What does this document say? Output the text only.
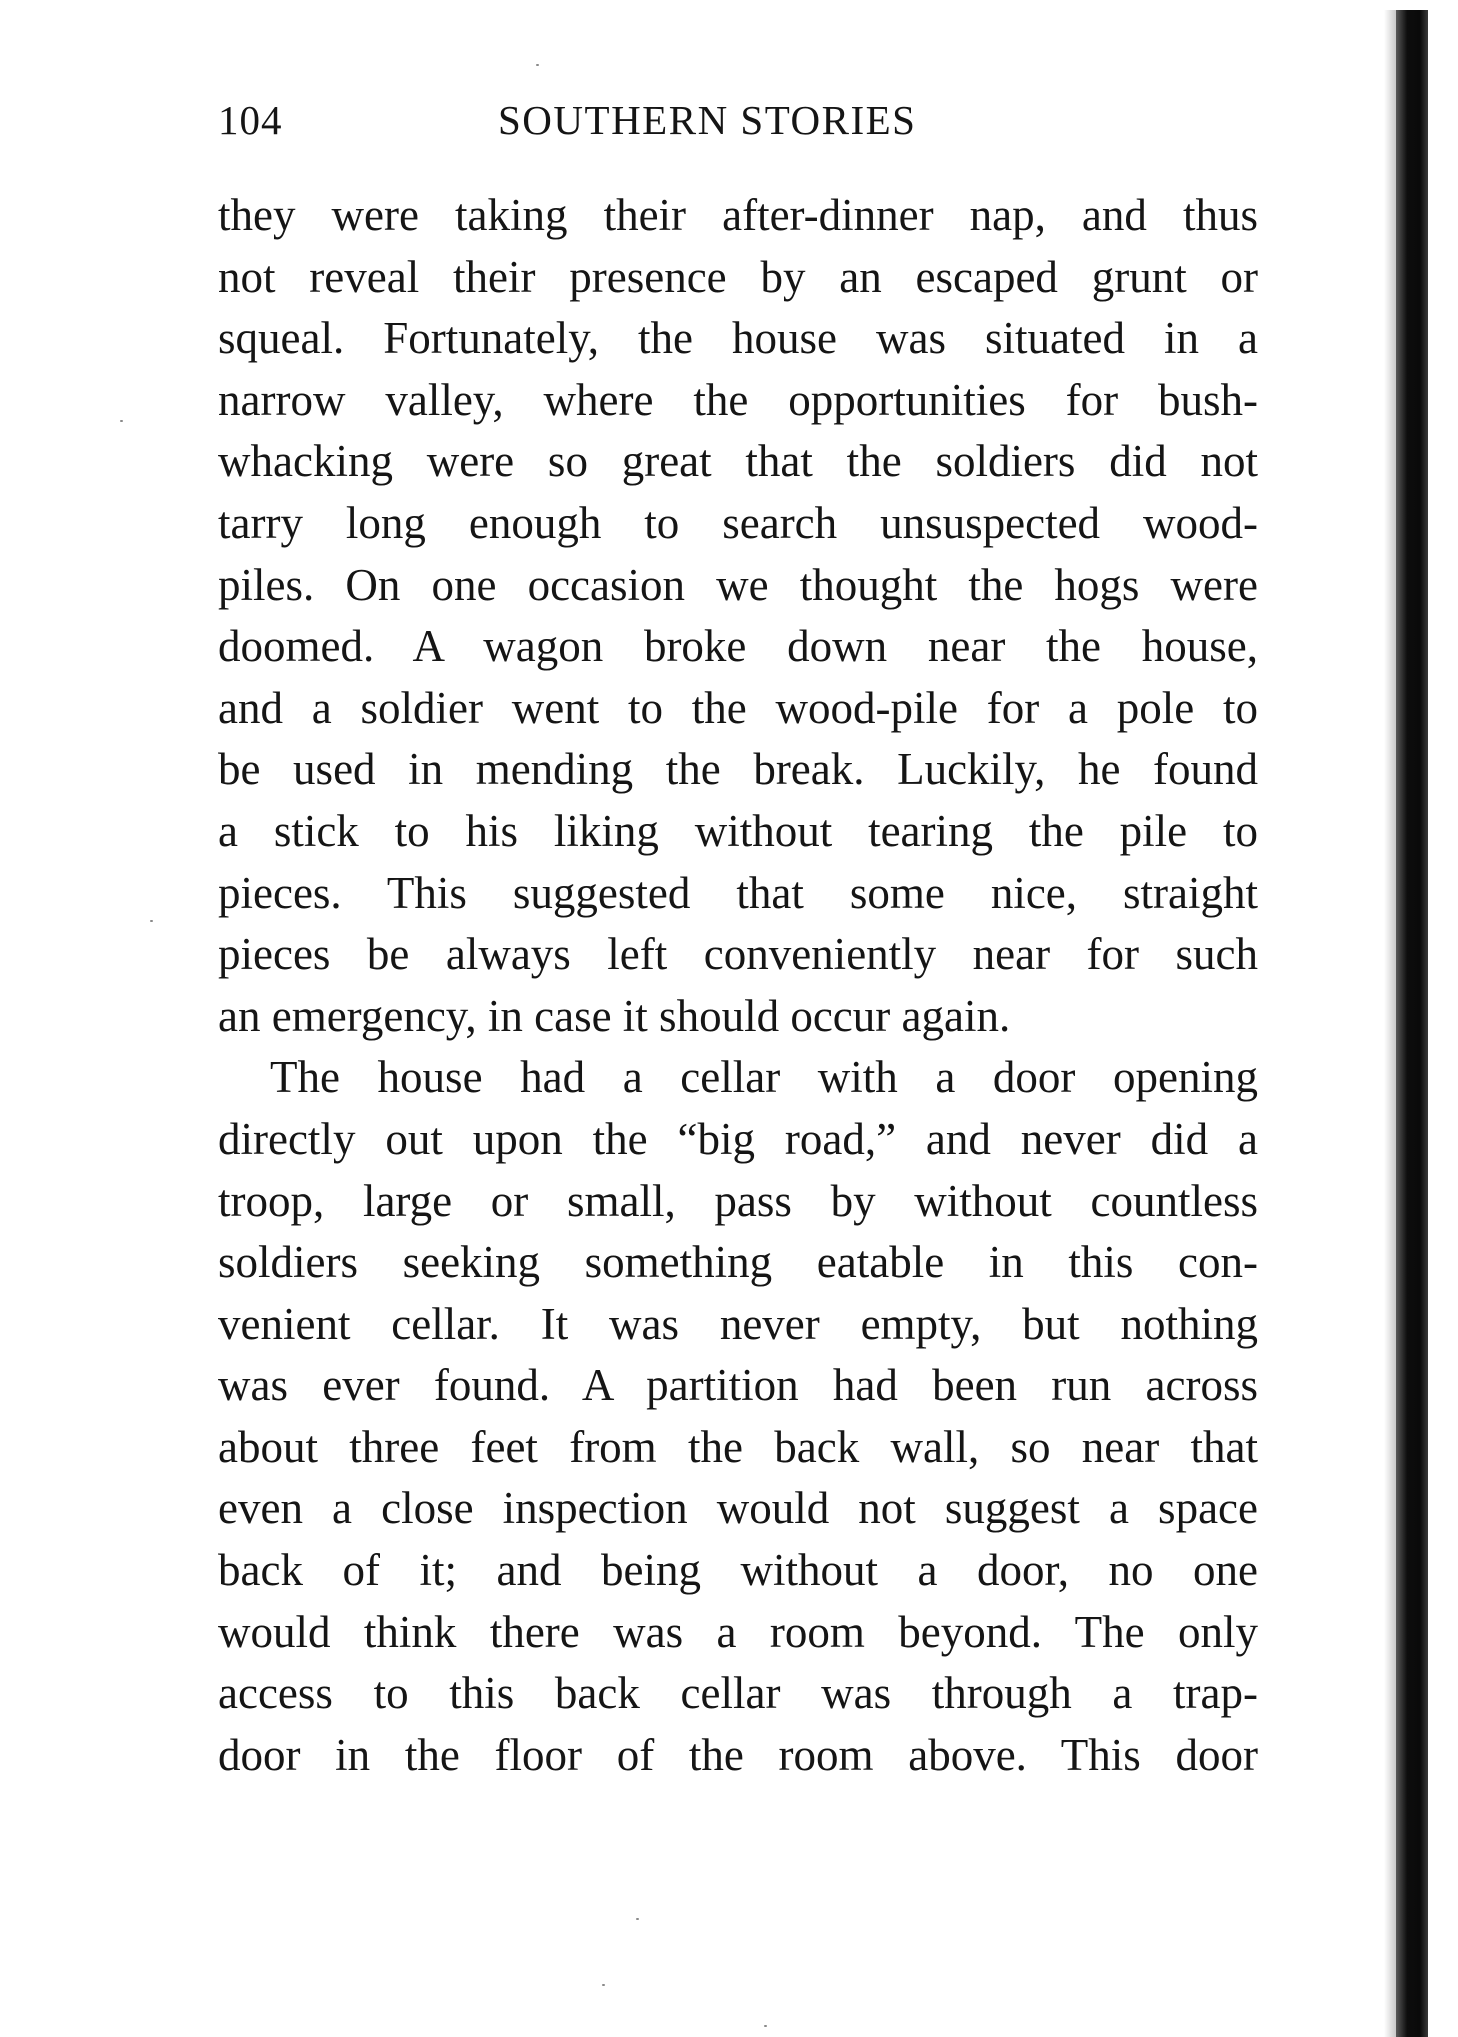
104	SOUTHERN STORIES
they were taking their after-dinner nap, and thus
not reveal their presence by an escaped grunt or
squeal. Fortunately, the house was situated in a
narrow valley, where the opportunities for bush-
whacking were so great that the soldiers did not
tarry long enough to search unsuspected wood-
piles. On one occasion we thought the hogs were
doomed. A wagon broke down near the house,
and a soldier went to the wood-pile for a pole to
be used in mending the break. Luckily, he found
a stick to his liking without tearing the pile to
pieces. This suggested that some nice, straight
pieces be always left conveniently near for such
an emergency, in case it should occur again.
The house had a cellar with a door opening
directly out upon the “big road,” and never did a
troop, large or small, pass by without countless
soldiers seeking something eatable in this con-
venient cellar. It was never empty, but nothing
was ever found. A partition had been run across
about three feet from the back wall, so near that
even a close inspection would not suggest a space
back of it; and being without a door, no one
would think there was a room beyond. The only
access to this back cellar was through a trap-
door in the floor of the room above. This door
